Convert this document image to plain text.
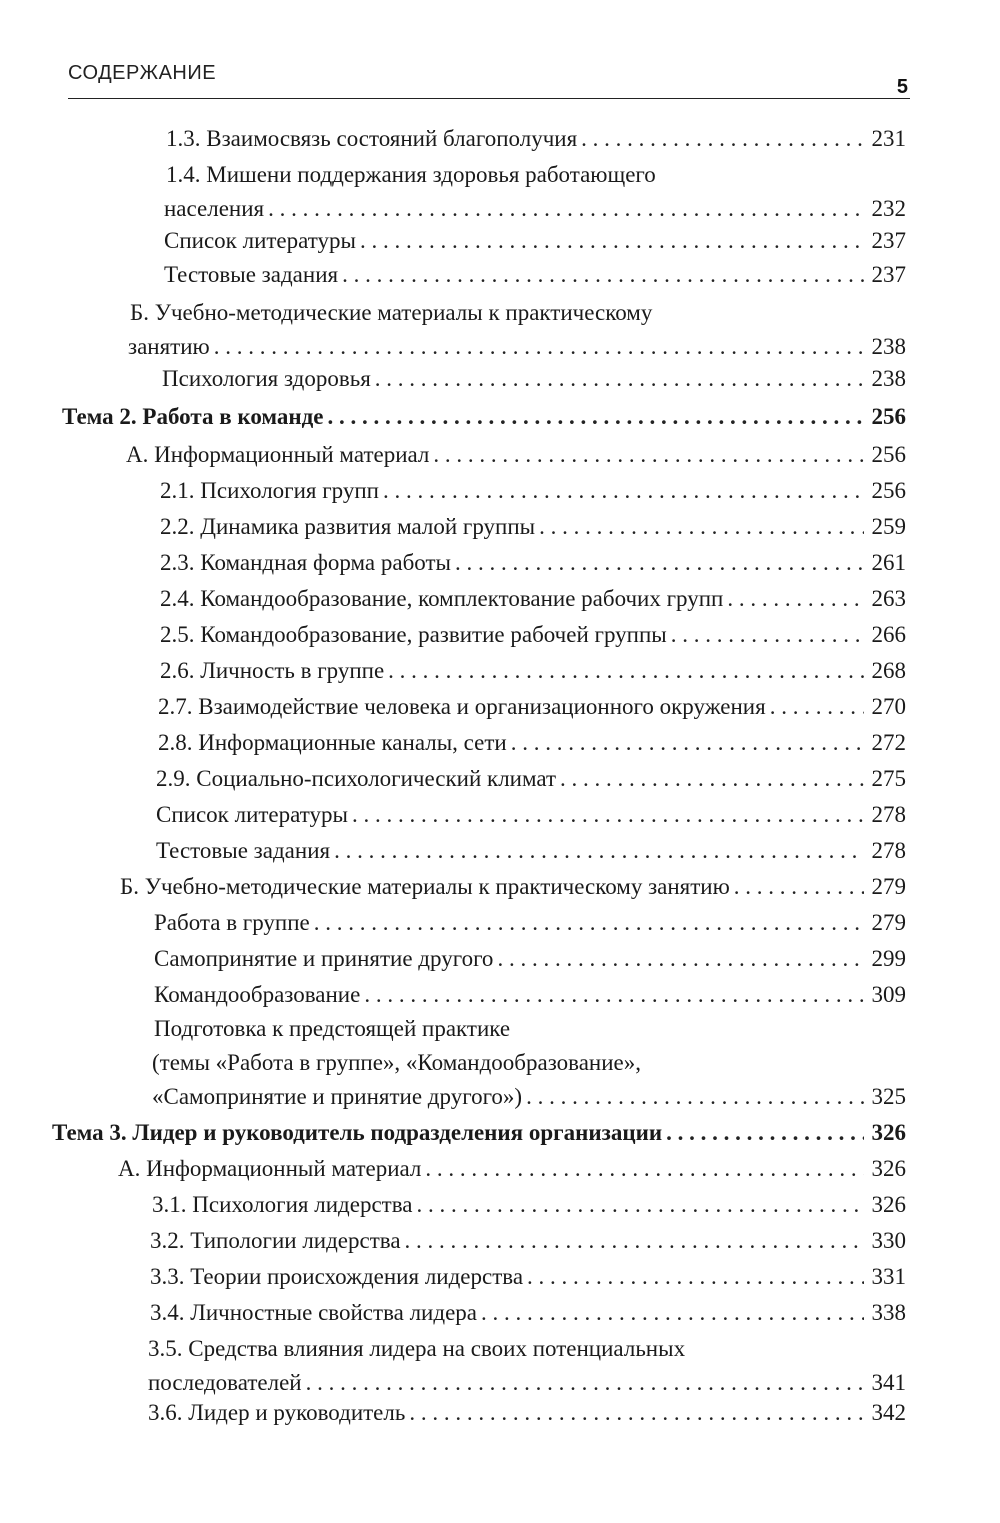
СОДЕРЖАНИЕ
5
1.3. Взаимосвязь состояний благополучия . . .	231
1.4. Мишени поддержания здоровья работающего
населения . . .	232
Список литературы . . .	237
Тестовые задания . . .	237
Б. Учебно-методические материалы к практическому
занятию . . .	238
Психология здоровья . . .	238
Тема 2. Работа в команде . . .	256
А. Информационный материал . . .	256
2.1. Психология групп . . .	256
2.2. Динамика развития малой группы . . .	259
2.3. Командная форма работы . . .	261
2.4. Командообразование, комплектование рабочих групп . . .	263
2.5. Командообразование, развитие рабочей группы . . .	266
2.6. Личность в группе . . .	268
2.7. Взаимодействие человека и организационного окружения . . .	270
2.8. Информационные каналы, сети . . .	272
2.9. Социально-психологический климат . . .	275
Список литературы . . .	278
Тестовые задания . . .	278
Б. Учебно-методические материалы к практическому занятию . . .	279
Работа в группе . . .	279
Самопринятие и принятие другого . . .	299
Командообразование . . .	309
Подготовка к предстоящей практике
(темы «Работа в группе», «Командообразование»,
«Самопринятие и принятие другого») . . .	325
Тема 3. Лидер и руководитель подразделения организации . . .	326
А. Информационный материал . . .	326
3.1. Психология лидерства . . .	326
3.2. Типологии лидерства . . .	330
3.3. Теории происхождения лидерства . . .	331
3.4. Личностные свойства лидера . . .	338
3.5. Средства влияния лидера на своих потенциальных
последователей . . .	341
3.6. Лидер и руководитель . . .	342
